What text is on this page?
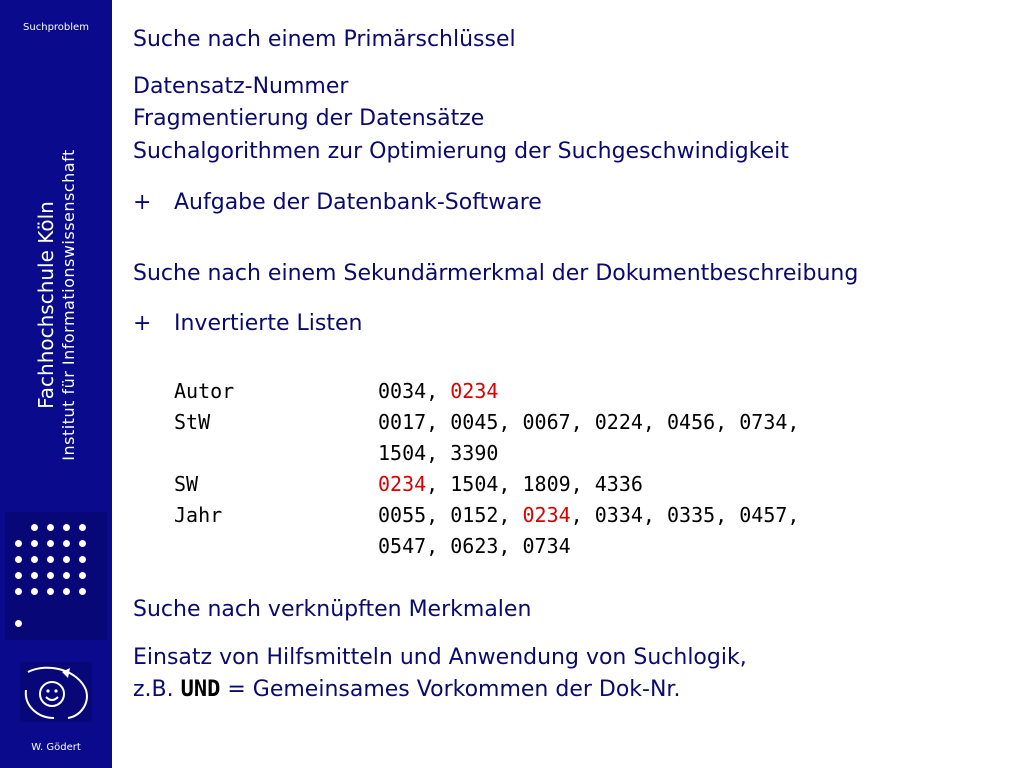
Suchproblem
Fachhochschule Köln Institut für Informationswissenschaft
W. Gödert
Suche nach einem Primärschlüssel
Datensatz-Nummer
Fragmentierung der Datensätze
Suchalgorithmen zur Optimierung der Suchgeschwindigkeit
+ Aufgabe der Datenbank-Software
Suche nach einem Sekundärmerkmal der Dokumentbeschreibung
+ Invertierte Listen
Autor	0034, 0234
StW	0017, 0045, 0067, 0224, 0456, 0734,
1504, 3390
SW	0234, 1504, 1809, 4336
Jahr	0055, 0152, 0234, 0334, 0335, 0457,
0547, 0623, 0734
Suche nach verknüpften Merkmalen
Einsatz von Hilfsmitteln und Anwendung von Suchlogik,
z.B. UND = Gemeinsames Vorkommen der Dok-Nr.
